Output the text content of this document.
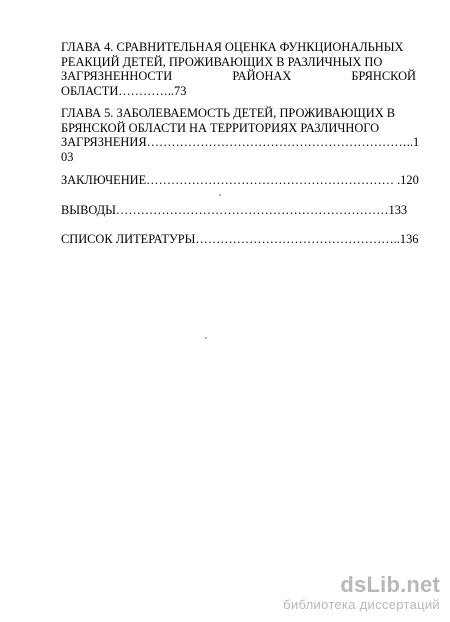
ГЛАВА 4. СРАВНИТЕЛЬНАЯ ОЦЕНКА ФУНКЦИОНАЛЬНЫХ
РЕАКЦИЙ ДЕТЕЙ, ПРОЖИВАЮЩИХ В РАЗЛИЧНЫХ ПО
ЗАГРЯЗНЕННОСТИ	РАЙОНАХ	БРЯНСКОЙ
ОБЛАСТИ…………..73
ГЛАВА 5. ЗАБОЛЕВАЕМОСТЬ ДЕТЕЙ, ПРОЖИВАЮЩИХ В
БРЯНСКОЙ ОБЛАСТИ НА ТЕРРИТОРИЯХ РАЗЛИЧНОГО
ЗАГРЯЗНЕНИЯ………………………………………………………..1
03
ЗАКЛЮЧЕНИЕ…………………………………………………… .120
ВЫВОДЫ…………………………………………………………133
СПИСОК ЛИТЕРАТУРЫ…………………………………………..136
dsLib.net
библиотека диссертаций
